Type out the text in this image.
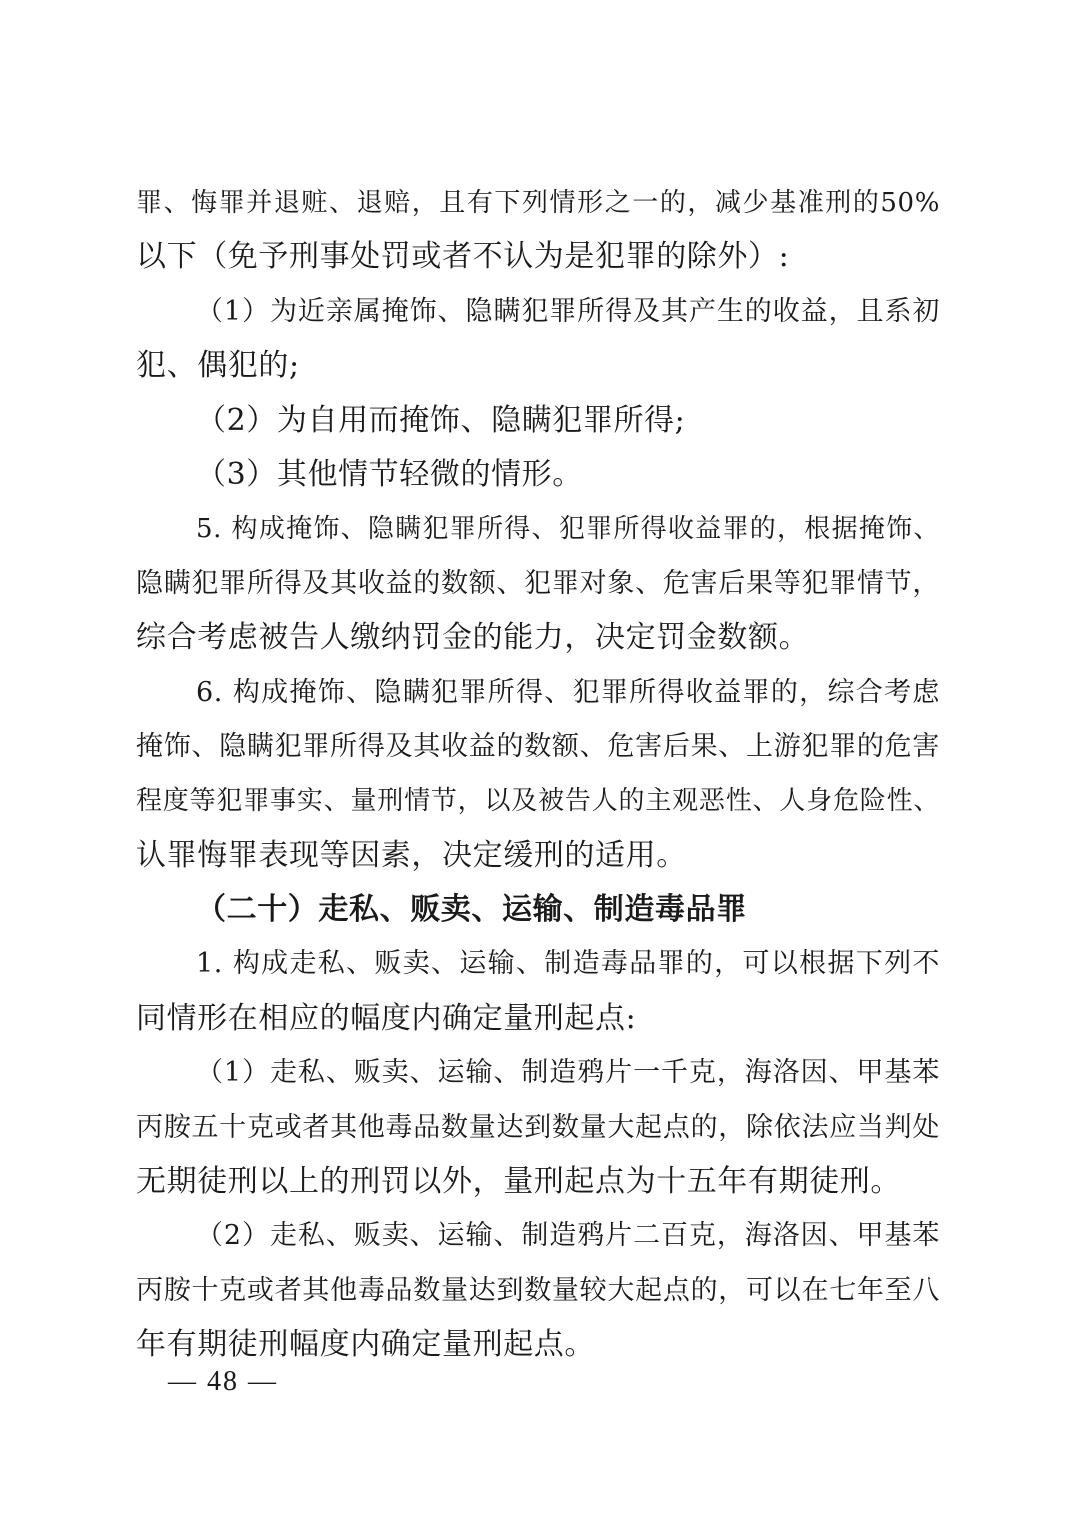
罪、悔罪并退赃、退赔，且有下列情形之一的，减少基准刑的50%
以下（免予刑事处罚或者不认为是犯罪的除外）:
（1）为近亲属掩饰、隐瞒犯罪所得及其产生的收益，且系初
犯、偶犯的;
（2）为自用而掩饰、隐瞒犯罪所得;
（3）其他情节轻微的情形。
5. 构成掩饰、隐瞒犯罪所得、犯罪所得收益罪的，根据掩饰、
隐瞒犯罪所得及其收益的数额、犯罪对象、危害后果等犯罪情节，
综合考虑被告人缴纳罚金的能力，决定罚金数额。
6. 构成掩饰、隐瞒犯罪所得、犯罪所得收益罪的，综合考虑
掩饰、隐瞒犯罪所得及其收益的数额、危害后果、上游犯罪的危害
程度等犯罪事实、量刑情节，以及被告人的主观恶性、人身危险性、
认罪悔罪表现等因素，决定缓刑的适用。
（二十）走私、贩卖、运输、制造毒品罪
1. 构成走私、贩卖、运输、制造毒品罪的，可以根据下列不
同情形在相应的幅度内确定量刑起点:
（1）走私、贩卖、运输、制造鸦片一千克，海洛因、甲基苯
丙胺五十克或者其他毒品数量达到数量大起点的，除依法应当判处
无期徒刑以上的刑罚以外，量刑起点为十五年有期徒刑。
（2）走私、贩卖、运输、制造鸦片二百克，海洛因、甲基苯
丙胺十克或者其他毒品数量达到数量较大起点的，可以在七年至八
年有期徒刑幅度内确定量刑起点。
— 48 —
